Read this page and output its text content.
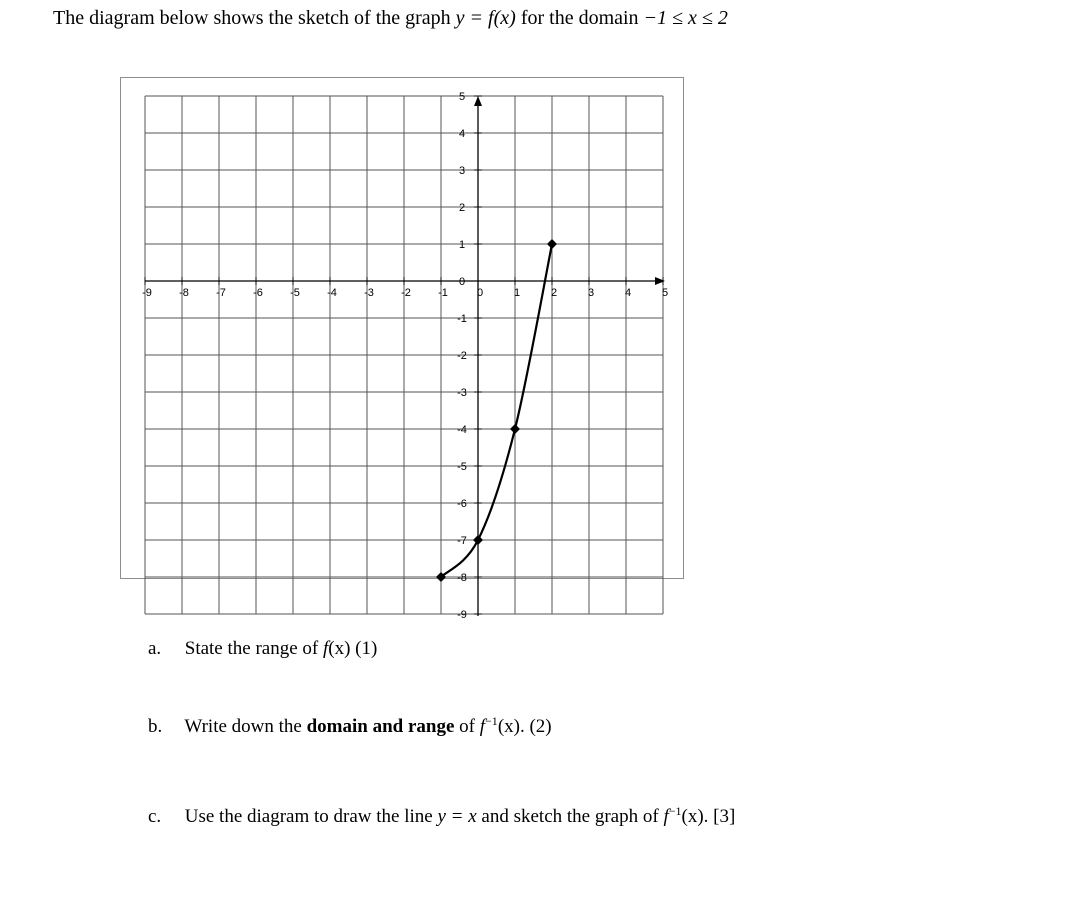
The diagram below shows the sketch of the graph y = f(x) for the domain −1 ≤ x ≤ 2
-9 -8 -7 -6 -5 -4 -3 -2 -1	0	1	2	3	4	5
5
4
3
2
1
0
-1
-2
-3
-4
-5
-6
-7
-8
-9
a. State the range of f(x) (1)
b. Write down the domain and range of $f^{-1}(x)$. (2)
c. Use the diagram to draw the line y = x and sketch the graph of $f^{-1}(x)$. [3]
